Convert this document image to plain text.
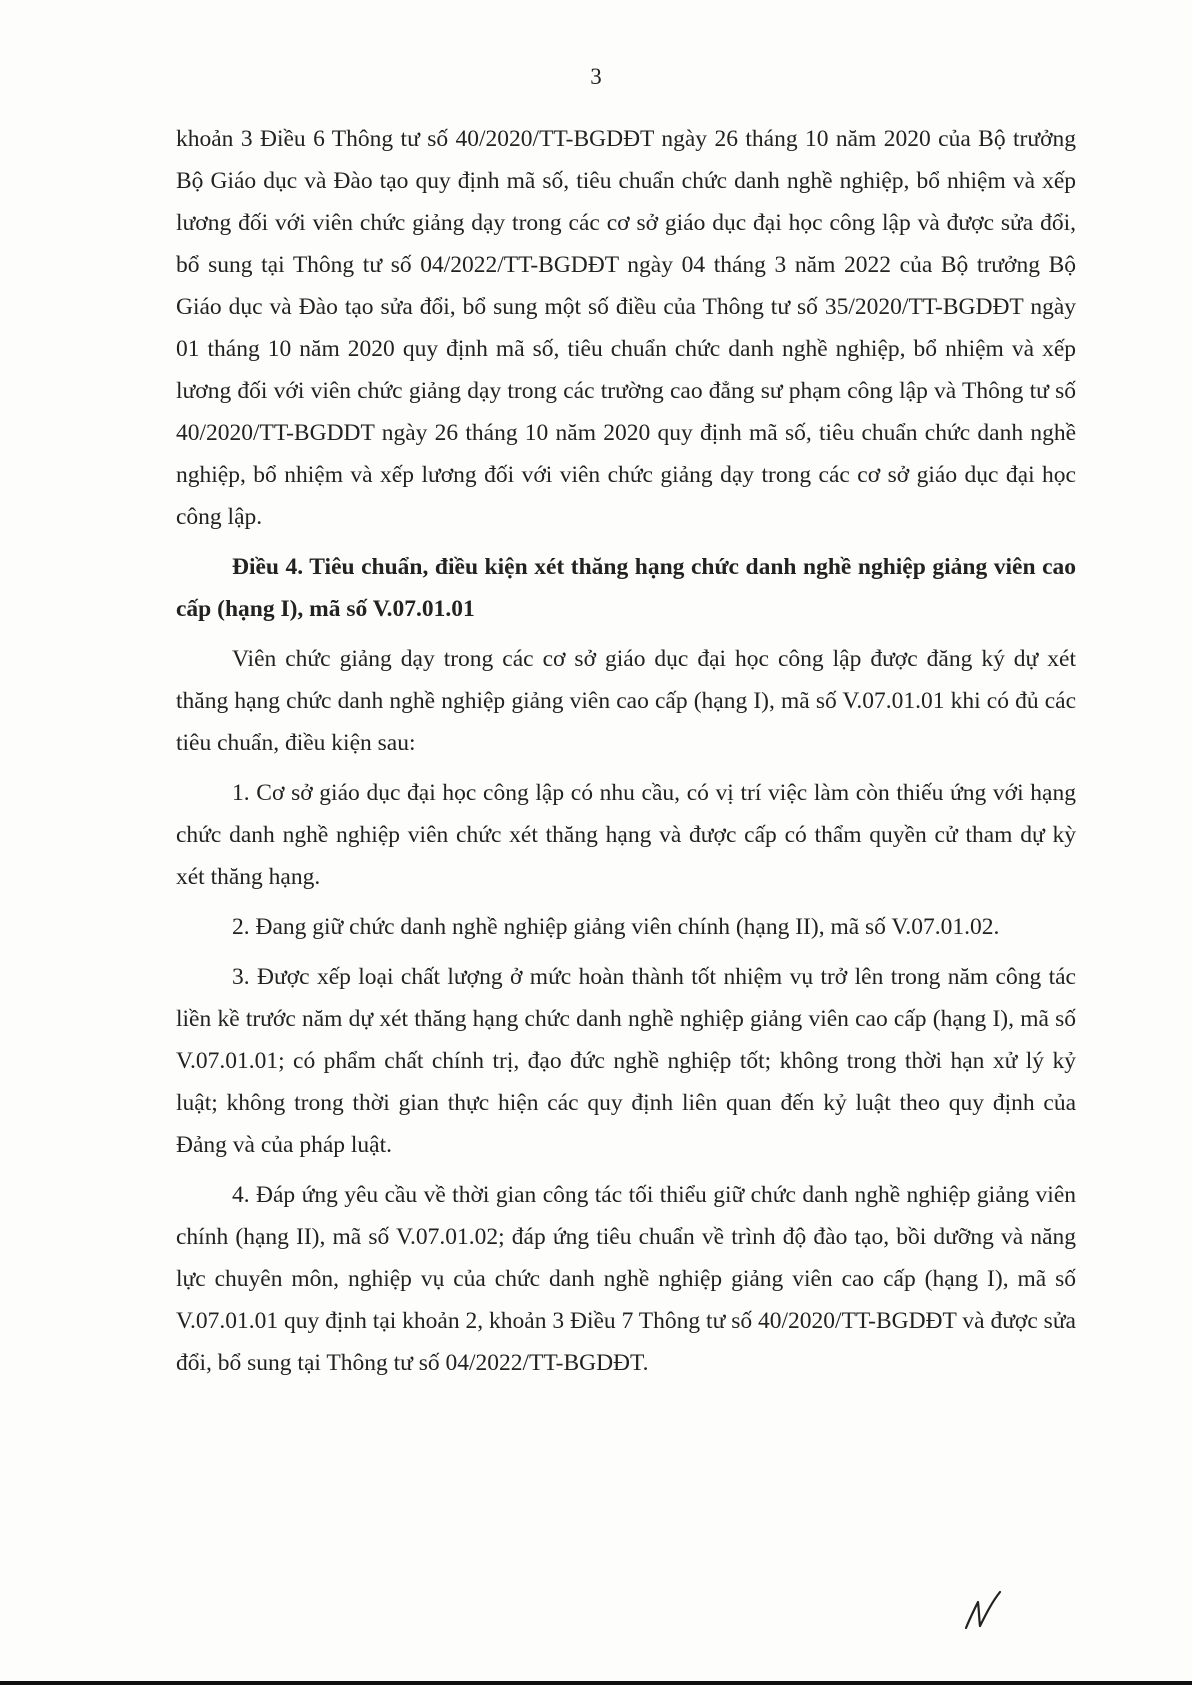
3

khoản 3 Điều 6 Thông tư số 40/2020/TT-BGDĐT ngày 26 tháng 10 năm 2020 của Bộ trưởng Bộ Giáo dục và Đào tạo quy định mã số, tiêu chuẩn chức danh nghề nghiệp, bổ nhiệm và xếp lương đối với viên chức giảng dạy trong các cơ sở giáo dục đại học công lập và được sửa đổi, bổ sung tại Thông tư số 04/2022/TT-BGDĐT ngày 04 tháng 3 năm 2022 của Bộ trưởng Bộ Giáo dục và Đào tạo sửa đổi, bổ sung một số điều của Thông tư số 35/2020/TT-BGDĐT ngày 01 tháng 10 năm 2020 quy định mã số, tiêu chuẩn chức danh nghề nghiệp, bổ nhiệm và xếp lương đối với viên chức giảng dạy trong các trường cao đẳng sư phạm công lập và Thông tư số 40/2020/TT-BGDDT ngày 26 tháng 10 năm 2020 quy định mã số, tiêu chuẩn chức danh nghề nghiệp, bổ nhiệm và xếp lương đối với viên chức giảng dạy trong các cơ sở giáo dục đại học công lập.

Điều 4. Tiêu chuẩn, điều kiện xét thăng hạng chức danh nghề nghiệp giảng viên cao cấp (hạng I), mã số V.07.01.01

Viên chức giảng dạy trong các cơ sở giáo dục đại học công lập được đăng ký dự xét thăng hạng chức danh nghề nghiệp giảng viên cao cấp (hạng I), mã số V.07.01.01 khi có đủ các tiêu chuẩn, điều kiện sau:

1. Cơ sở giáo dục đại học công lập có nhu cầu, có vị trí việc làm còn thiếu ứng với hạng chức danh nghề nghiệp viên chức xét thăng hạng và được cấp có thẩm quyền cử tham dự kỳ xét thăng hạng.

2. Đang giữ chức danh nghề nghiệp giảng viên chính (hạng II), mã số V.07.01.02.

3. Được xếp loại chất lượng ở mức hoàn thành tốt nhiệm vụ trở lên trong năm công tác liền kề trước năm dự xét thăng hạng chức danh nghề nghiệp giảng viên cao cấp (hạng I), mã số V.07.01.01; có phẩm chất chính trị, đạo đức nghề nghiệp tốt; không trong thời hạn xử lý kỷ luật; không trong thời gian thực hiện các quy định liên quan đến kỷ luật theo quy định của Đảng và của pháp luật.

4. Đáp ứng yêu cầu về thời gian công tác tối thiểu giữ chức danh nghề nghiệp giảng viên chính (hạng II), mã số V.07.01.02; đáp ứng tiêu chuẩn về trình độ đào tạo, bồi dưỡng và năng lực chuyên môn, nghiệp vụ của chức danh nghề nghiệp giảng viên cao cấp (hạng I), mã số V.07.01.01 quy định tại khoản 2, khoản 3 Điều 7 Thông tư số 40/2020/TT-BGDĐT và được sửa đổi, bổ sung tại Thông tư số 04/2022/TT-BGDĐT.
